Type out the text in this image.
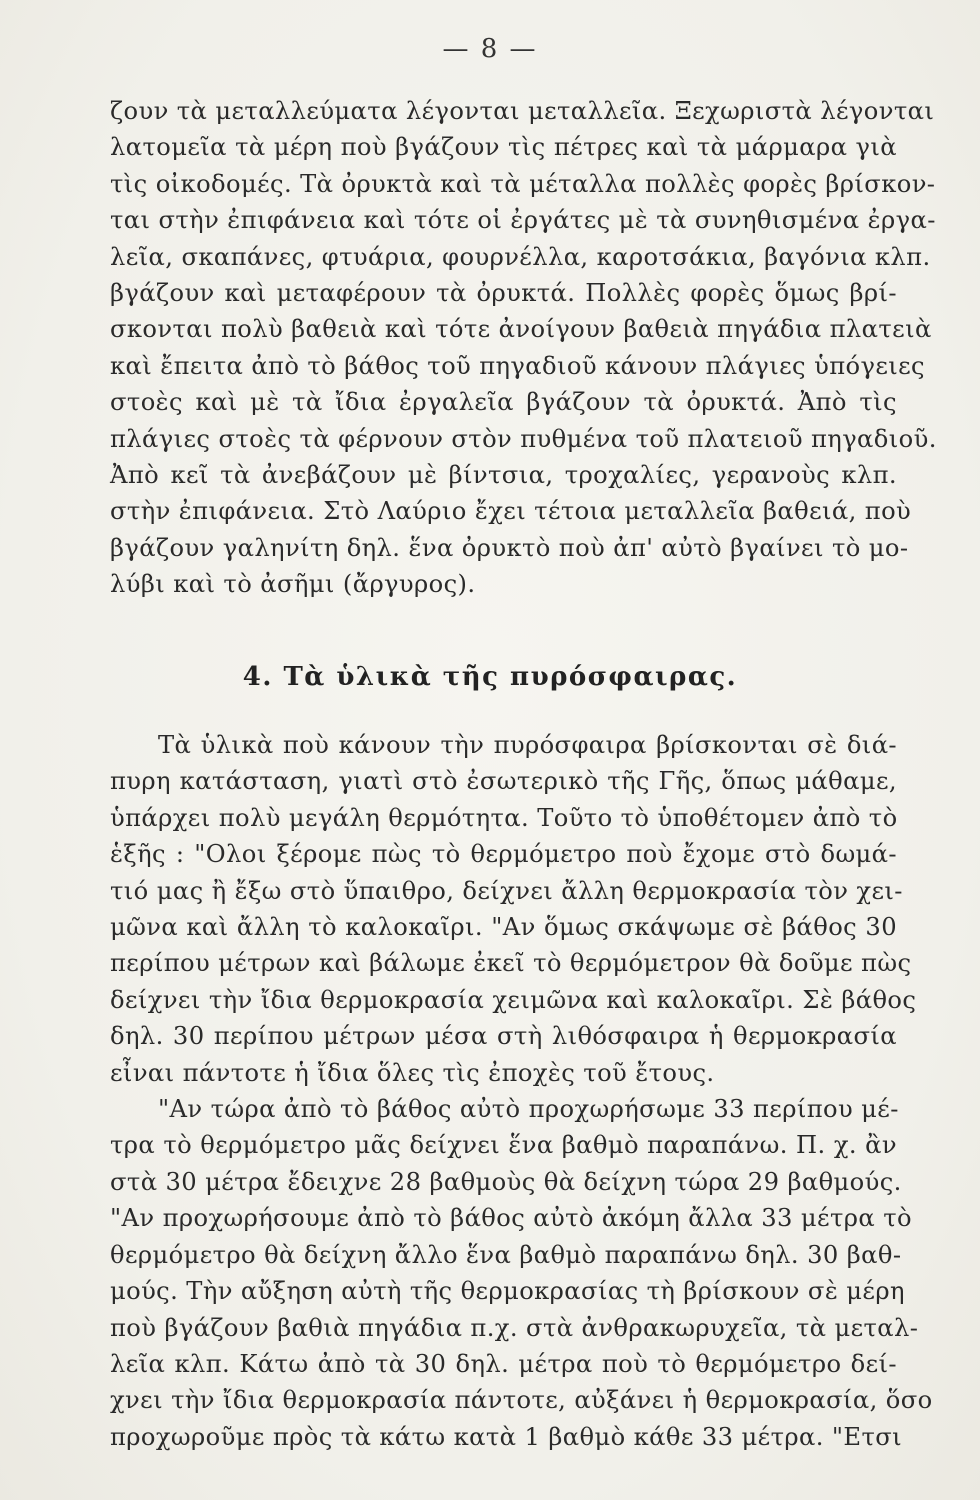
— 8 —
ζουν τὰ μεταλλεύματα λέγονται μεταλλεῖα. Ξεχωριστὰ λέγονται
λατομεῖα τὰ μέρη ποὺ βγάζουν τὶς πέτρες καὶ τὰ μάρμαρα γιὰ
τὶς οἰκοδομές. Τὰ ὀρυκτὰ καὶ τὰ μέταλλα πολλὲς φορὲς βρίσκον-
ται στὴν ἐπιφάνεια καὶ τότε οἱ ἐργάτες μὲ τὰ συνηθισμένα ἐργα-
λεῖα, σκαπάνες, φτυάρια, φουρνέλλα, καροτσάκια, βαγόνια κλπ.
βγάζουν καὶ μεταφέρουν τὰ ὀρυκτά. Πολλὲς φορὲς ὅμως βρί-
σκονται πολὺ βαθειὰ καὶ τότε ἀνοίγουν βαθειὰ πηγάδια πλατειὰ
καὶ ἔπειτα ἀπὸ τὸ βάθος τοῦ πηγαδιοῦ κάνουν πλάγιες ὑπόγειες
στοὲς καὶ μὲ τὰ ἴδια ἐργαλεῖα βγάζουν τὰ ὀρυκτά. Ἀπὸ τὶς
πλάγιες στοὲς τὰ φέρνουν στὸν πυθμένα τοῦ πλατειοῦ πηγαδιοῦ.
Ἀπὸ κεῖ τὰ ἀνεβάζουν μὲ βίντσια, τροχαλίες, γερανοὺς κλπ.
στὴν ἐπιφάνεια. Στὸ Λαύριο ἔχει τέτοια μεταλλεῖα βαθειά, ποὺ
βγάζουν γαληνίτη δηλ. ἕνα ὀρυκτὸ ποὺ ἀπ' αὐτὸ βγαίνει τὸ μο-
λύβι καὶ τὸ ἀσῆμι (ἄργυρος).
4. Τὰ ὑλικὰ τῆς πυρόσφαιρας.
Τὰ ὑλικὰ ποὺ κάνουν τὴν πυρόσφαιρα βρίσκονται σὲ διά-
πυρη κατάσταση, γιατὶ στὸ ἐσωτερικὸ τῆς Γῆς, ὅπως μάθαμε,
ὑπάρχει πολὺ μεγάλη θερμότητα. Τοῦτο τὸ ὑποθέτομεν ἀπὸ τὸ
ἑξῆς : "Ολοι ξέρομε πὼς τὸ θερμόμετρο ποὺ ἔχομε στὸ δωμά-
τιό μας ἢ ἔξω στὸ ὕπαιθρο, δείχνει ἄλλη θερμοκρασία τὸν χει-
μῶνα καὶ ἄλλη τὸ καλοκαῖρι. "Αν ὅμως σκάψωμε σὲ βάθος 30
περίπου μέτρων καὶ βάλωμε ἐκεῖ τὸ θερμόμετρον θὰ δοῦμε πὼς
δείχνει τὴν ἴδια θερμοκρασία χειμῶνα καὶ καλοκαῖρι. Σὲ βάθος
δηλ. 30 περίπου μέτρων μέσα στὴ λιθόσφαιρα ἡ θερμοκρασία
εἶναι πάντοτε ἡ ἴδια ὅλες τὶς ἐποχὲς τοῦ ἔτους.
"Αν τώρα ἀπὸ τὸ βάθος αὐτὸ προχωρήσωμε 33 περίπου μέ-
τρα τὸ θερμόμετρο μᾶς δείχνει ἕνα βαθμὸ παραπάνω. Π. χ. ἂν
στὰ 30 μέτρα ἔδειχνε 28 βαθμοὺς θὰ δείχνη τώρα 29 βαθμούς.
"Αν προχωρήσουμε ἀπὸ τὸ βάθος αὐτὸ ἀκόμη ἄλλα 33 μέτρα τὸ
θερμόμετρο θὰ δείχνη ἄλλο ἕνα βαθμὸ παραπάνω δηλ. 30 βαθ-
μούς. Τὴν αὔξηση αὐτὴ τῆς θερμοκρασίας τὴ βρίσκουν σὲ μέρη
ποὺ βγάζουν βαθιὰ πηγάδια π.χ. στὰ ἀνθρακωρυχεῖα, τὰ μεταλ-
λεῖα κλπ. Κάτω ἀπὸ τὰ 30 δηλ. μέτρα ποὺ τὸ θερμόμετρο δεί-
χνει τὴν ἴδια θερμοκρασία πάντοτε, αὐξάνει ἡ θερμοκρασία, ὅσο
προχωροῦμε πρὸς τὰ κάτω κατὰ 1 βαθμὸ κάθε 33 μέτρα. "Ετσι
